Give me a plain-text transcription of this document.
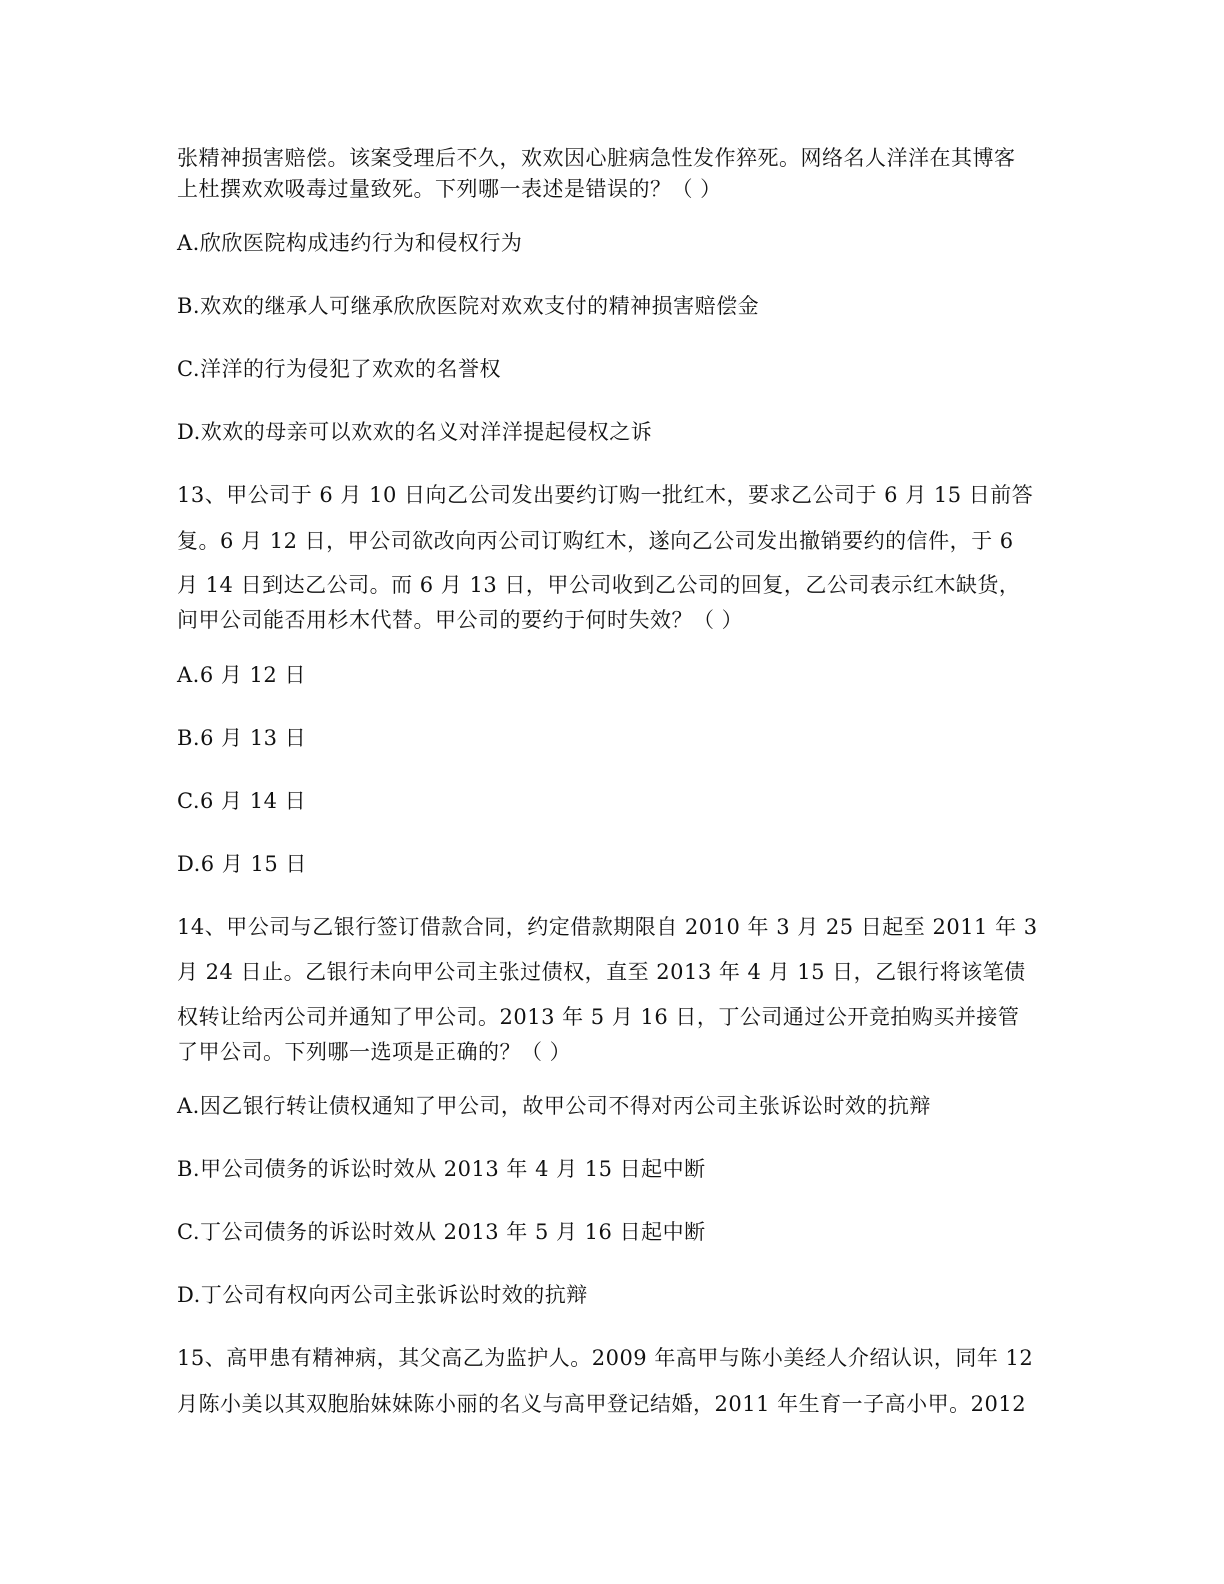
张精神损害赔偿。该案受理后不久，欢欢因心脏病急性发作猝死。网络名人洋洋在其博客
上杜撰欢欢吸毒过量致死。下列哪一表述是错误的？（ ）
A.欣欣医院构成违约行为和侵权行为
B.欢欢的继承人可继承欣欣医院对欢欢支付的精神损害赔偿金
C.洋洋的行为侵犯了欢欢的名誉权
D.欢欢的母亲可以欢欢的名义对洋洋提起侵权之诉
13、甲公司于 6 月 10 日向乙公司发出要约订购一批红木，要求乙公司于 6 月 15 日前答
复。6 月 12 日，甲公司欲改向丙公司订购红木，遂向乙公司发出撤销要约的信件，于 6
月 14 日到达乙公司。而 6 月 13 日，甲公司收到乙公司的回复，乙公司表示红木缺货，
问甲公司能否用杉木代替。甲公司的要约于何时失效？（ ）
A.6 月 12 日
B.6 月 13 日
C.6 月 14 日
D.6 月 15 日
14、甲公司与乙银行签订借款合同，约定借款期限自 2010 年 3 月 25 日起至 2011 年 3
月 24 日止。乙银行未向甲公司主张过债权，直至 2013 年 4 月 15 日，乙银行将该笔债
权转让给丙公司并通知了甲公司。2013 年 5 月 16 日，丁公司通过公开竞拍购买并接管
了甲公司。下列哪一选项是正确的？（ ）
A.因乙银行转让债权通知了甲公司，故甲公司不得对丙公司主张诉讼时效的抗辩
B.甲公司债务的诉讼时效从 2013 年 4 月 15 日起中断
C.丁公司债务的诉讼时效从 2013 年 5 月 16 日起中断
D.丁公司有权向丙公司主张诉讼时效的抗辩
15、高甲患有精神病，其父高乙为监护人。2009 年高甲与陈小美经人介绍认识，同年 12
月陈小美以其双胞胎妹妹陈小丽的名义与高甲登记结婚，2011 年生育一子高小甲。2012
